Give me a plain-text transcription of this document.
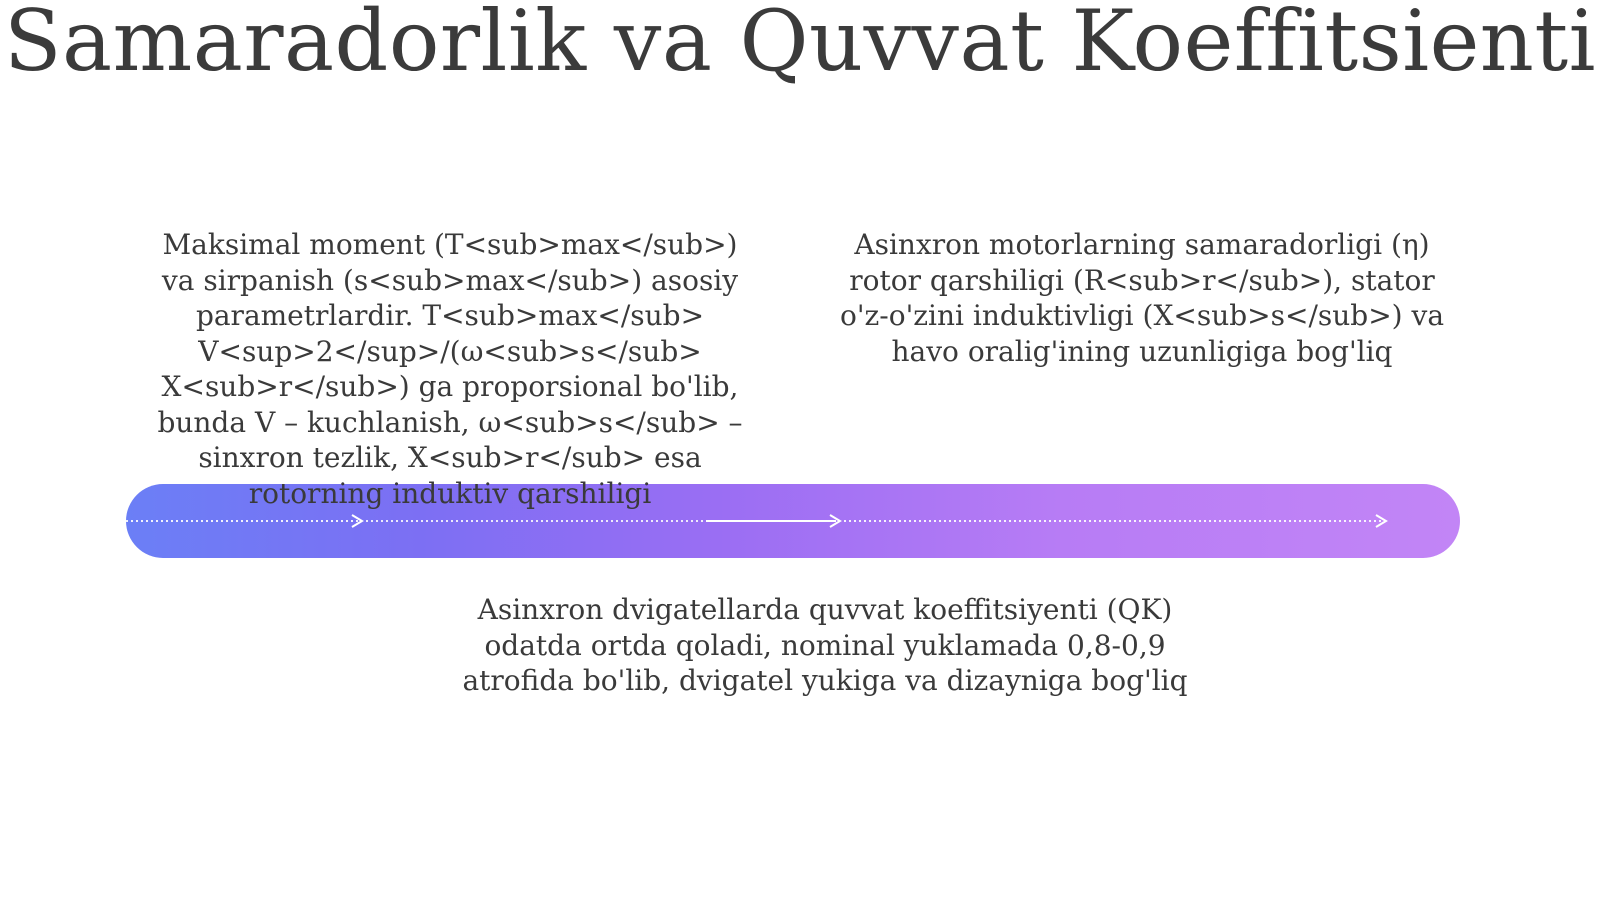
Samaradorlik va Quvvat Koeffitsienti

Maksimal moment (T<sub>max</sub>) va sirpanish (s<sub>max</sub>) asosiy parametrlardir. T<sub>max</sub> V<sup>2</sup>/(ω<sub>s</sub> X<sub>r</sub>) ga proporsional bo'lib, bunda V – kuchlanish, ω<sub>s</sub> – sinxron tezlik, X<sub>r</sub> esa rotorning induktiv qarshiligi

Asinxron motorlarning samaradorligi (η) rotor qarshiligi (R<sub>r</sub>), stator o'z-o'zini induktivligi (X<sub>s</sub>) va havo oralig'ining uzunligiga bog'liq

Asinxron dvigatellarda quvvat koeffitsiyenti (QK) odatda ortda qoladi, nominal yuklamada 0,8-0,9 atrofida bo'lib, dvigatel yukiga va dizayniga bog'liq
